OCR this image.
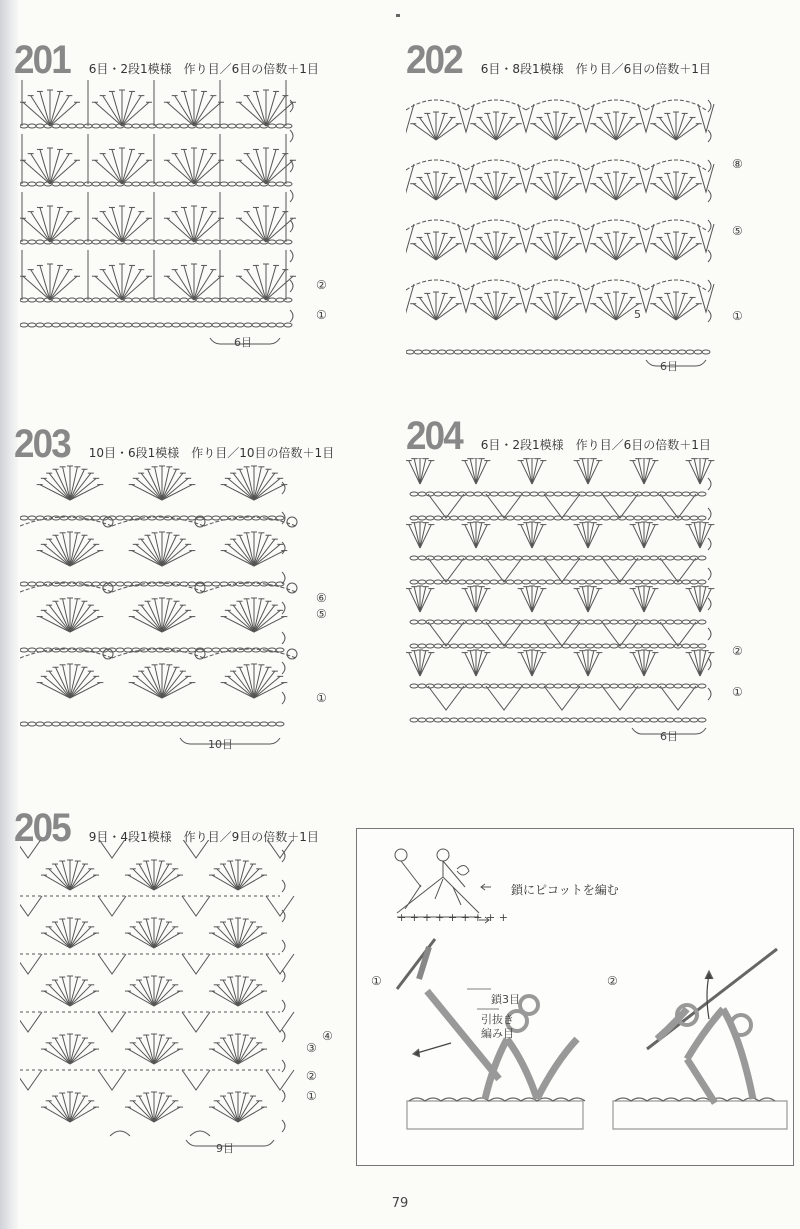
201 6目・2段1模様　作り目／6目の倍数＋1目
②
①
6目
202 6目・8段1模様　作り目／6目の倍数＋1目
⑧
⑤
①
5
6目
203 10目・6段1模様　作り目／10目の倍数＋1目
⑥
⑤
①
10目
204 6目・2段1模様　作り目／6目の倍数＋1目
②
①
6目
205 9目・4段1模様　作り目／9目の倍数＋1目
④
③
②
①
9目
+ + + + + + + + +
①
鎖3目
引抜き
編み目
②
鎖にピコットを編む
79
